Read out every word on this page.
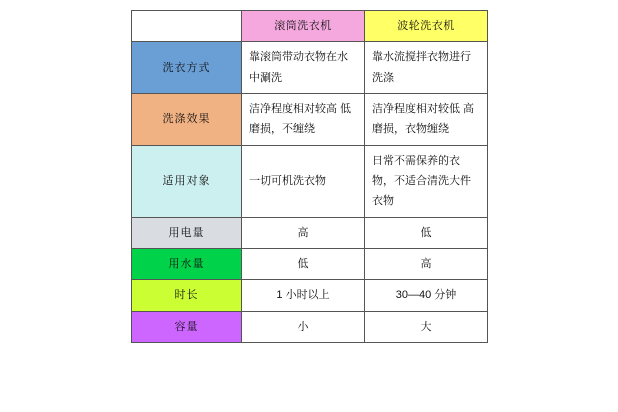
	滚筒洗衣机	波轮洗衣机
洗衣方式	靠滚筒带动衣物在水中涮洗	靠水流搅拌衣物进行洗涤
洗涤效果	洁净程度相对较高 低磨损，不缠绕	洁净程度相对较低 高磨损，衣物缠绕
适用对象	一切可机洗衣物	日常不需保养的衣物，不适合清洗大件衣物
用电量	高	低
用水量	低	高
时长	1 小时以上	30—40 分钟
容量	小	大
